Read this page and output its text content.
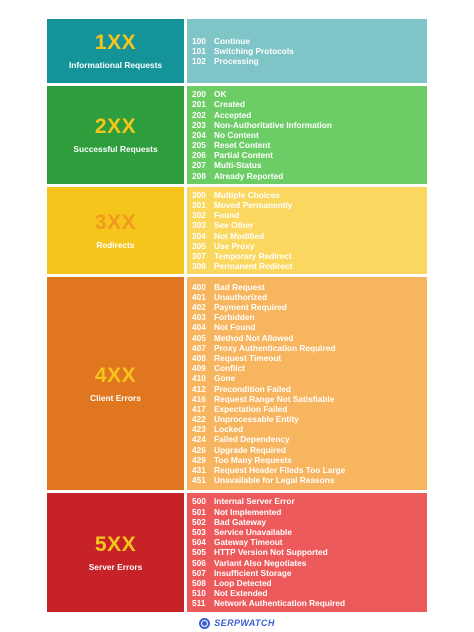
1XX
Informational Requests
100 Continue
101 Switching Protocols
102 Processing
2XX
Successful Requests
200 OK
201 Created
202 Accepted
203 Non-Authoritative Information
204 No Content
205 Reset Content
206 Partial Content
207 Multi-Status
208 Already Reported
3XX
Redirects
300 Multiple Choices
301 Moved Permanently
302 Found
303 See Other
304 Not Modified
305 Use Proxy
307 Temporary Redirect
308 Permanent Redirect
4XX
Client Errors
400 Bad Request
401 Unauthorized
402 Payment Required
403 Forbidden
404 Not Found
405 Method Not Allowed
407 Proxy Authentication Required
408 Request Timeout
409 Conflict
410 Gone
412 Precondition Failed
416 Request Range Not Satisfiable
417 Expectation Failed
422 Unprocessable Entity
423 Locked
424 Failed Dependency
426 Upgrade Required
429 Too Many Requests
431 Request Header Fileds Too Large
451 Unavailable for Legal Reasons
5XX
Server Errors
500 Internal Server Error
501 Not Implemented
502 Bad Gateway
503 Service Unavailable
504 Gateway Timeout
505 HTTP Version Not Supported
506 Variant Also Negotiates
507 Insufficient Storage
508 Loop Detected
510 Not Extended
511	Network Authentication Required
SERPWATCH
